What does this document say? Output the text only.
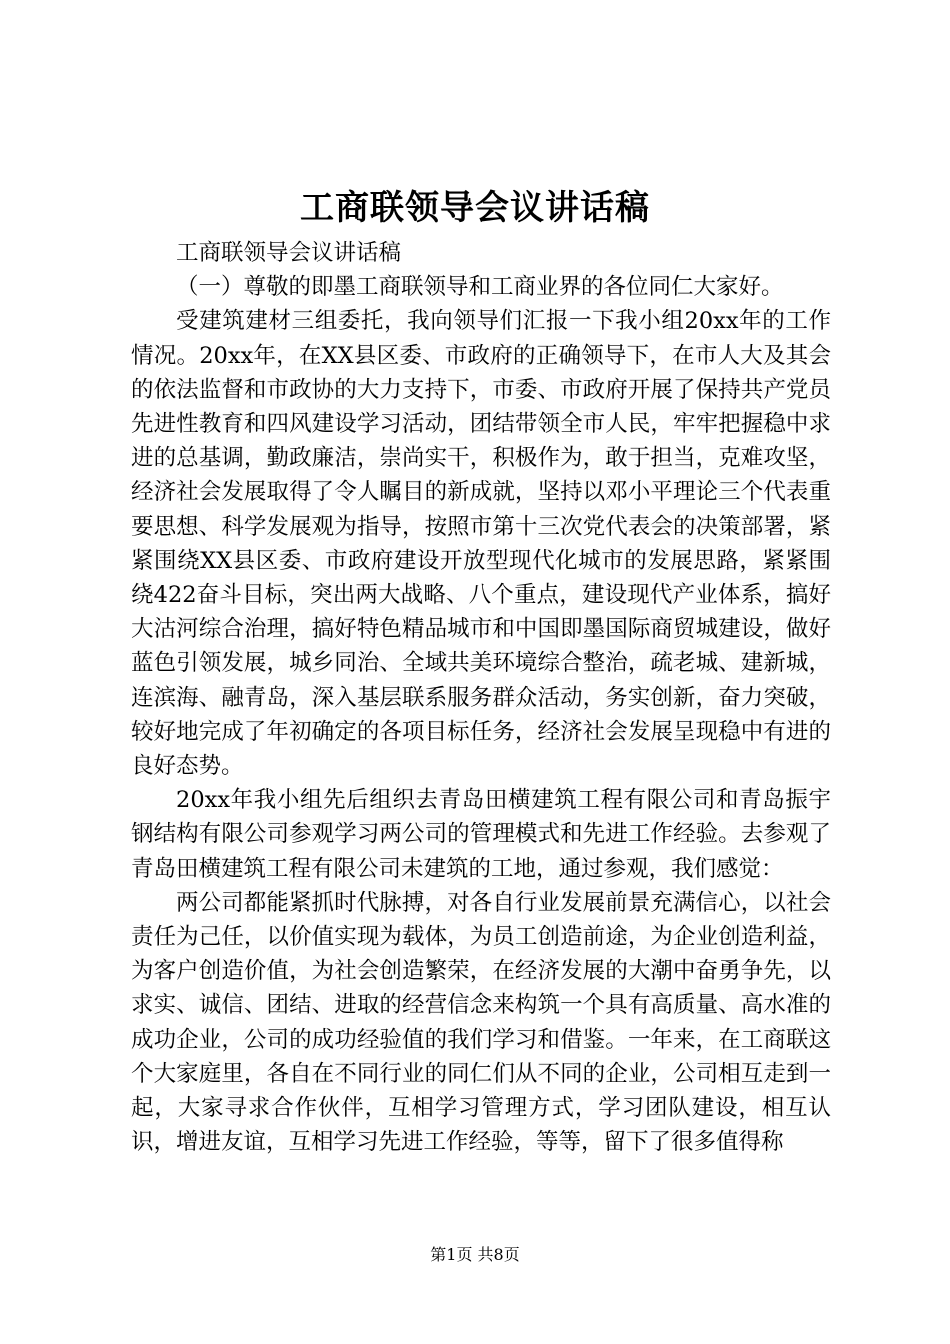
工商联领导会议讲话稿

工商联领导会议讲话稿

（一）尊敬的即墨工商联领导和工商业界的各位同仁大家好。

受建筑建材三组委托，我向领导们汇报一下我小组20xx年的工作情况。20xx年，在XX县区委、市政府的正确领导下，在市人大及其会的依法监督和市政协的大力支持下，市委、市政府开展了保持共产党员先进性教育和四风建设学习活动，团结带领全市人民，牢牢把握稳中求进的总基调，勤政廉洁，崇尚实干，积极作为，敢于担当，克难攻坚，经济社会发展取得了令人瞩目的新成就，坚持以邓小平理论三个代表重要思想、科学发展观为指导，按照市第十三次党代表会的决策部署，紧紧围绕XX县区委、市政府建设开放型现代化城市的发展思路，紧紧围绕422奋斗目标，突出两大战略、八个重点，建设现代产业体系，搞好大沽河综合治理，搞好特色精品城市和中国即墨国际商贸城建设，做好蓝色引领发展，城乡同治、全域共美环境综合整治，疏老城、建新城，连滨海、融青岛，深入基层联系服务群众活动，务实创新，奋力突破，较好地完成了年初确定的各项目标任务，经济社会发展呈现稳中有进的良好态势。

20xx年我小组先后组织去青岛田横建筑工程有限公司和青岛振宇钢结构有限公司参观学习两公司的管理模式和先进工作经验。去参观了青岛田横建筑工程有限公司未建筑的工地，通过参观，我们感觉：

两公司都能紧抓时代脉搏，对各自行业发展前景充满信心，以社会责任为己任，以价值实现为载体，为员工创造前途，为企业创造利益，为客户创造价值，为社会创造繁荣，在经济发展的大潮中奋勇争先，以求实、诚信、团结、进取的经营信念来构筑一个具有高质量、高水准的成功企业，公司的成功经验值的我们学习和借鉴。一年来，在工商联这个大家庭里，各自在不同行业的同仁们从不同的企业，公司相互走到一起，大家寻求合作伙伴，互相学习管理方式，学习团队建设，相互认识，增进友谊，互相学习先进工作经验，等等，留下了很多值得称

第1页 共8页
